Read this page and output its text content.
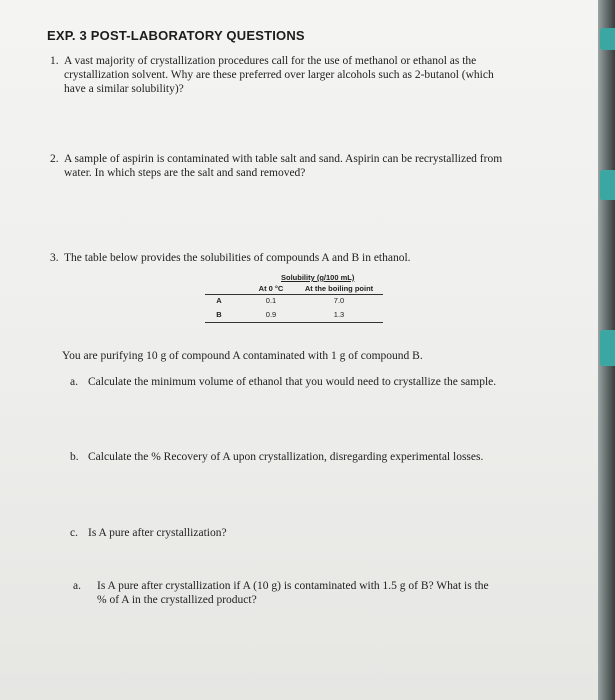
EXP. 3 POST-LABORATORY QUESTIONS
1. A vast majority of crystallization procedures call for the use of methanol or ethanol as the
crystallization solvent. Why are these preferred over larger alcohols such as 2-butanol (which
have a similar solubility)?
2. A sample of aspirin is contaminated with table salt and sand. Aspirin can be recrystallized from
water. In which steps are the salt and sand removed?
3. The table below provides the solubilities of compounds A and B in ethanol.
	Solubility (g/100 mL)	
	At 0 °C	At the boiling point
A	0.1	7.0
B	0.9	1.3
You are purifying 10 g of compound A contaminated with 1 g of compound B.
a. Calculate the minimum volume of ethanol that you would need to crystallize the sample.
b. Calculate the % Recovery of A upon crystallization, disregarding experimental losses.
c. Is A pure after crystallization?
a. Is A pure after crystallization if A (10 g) is contaminated with 1.5 g of B? What is the
% of A in the crystallized product?
